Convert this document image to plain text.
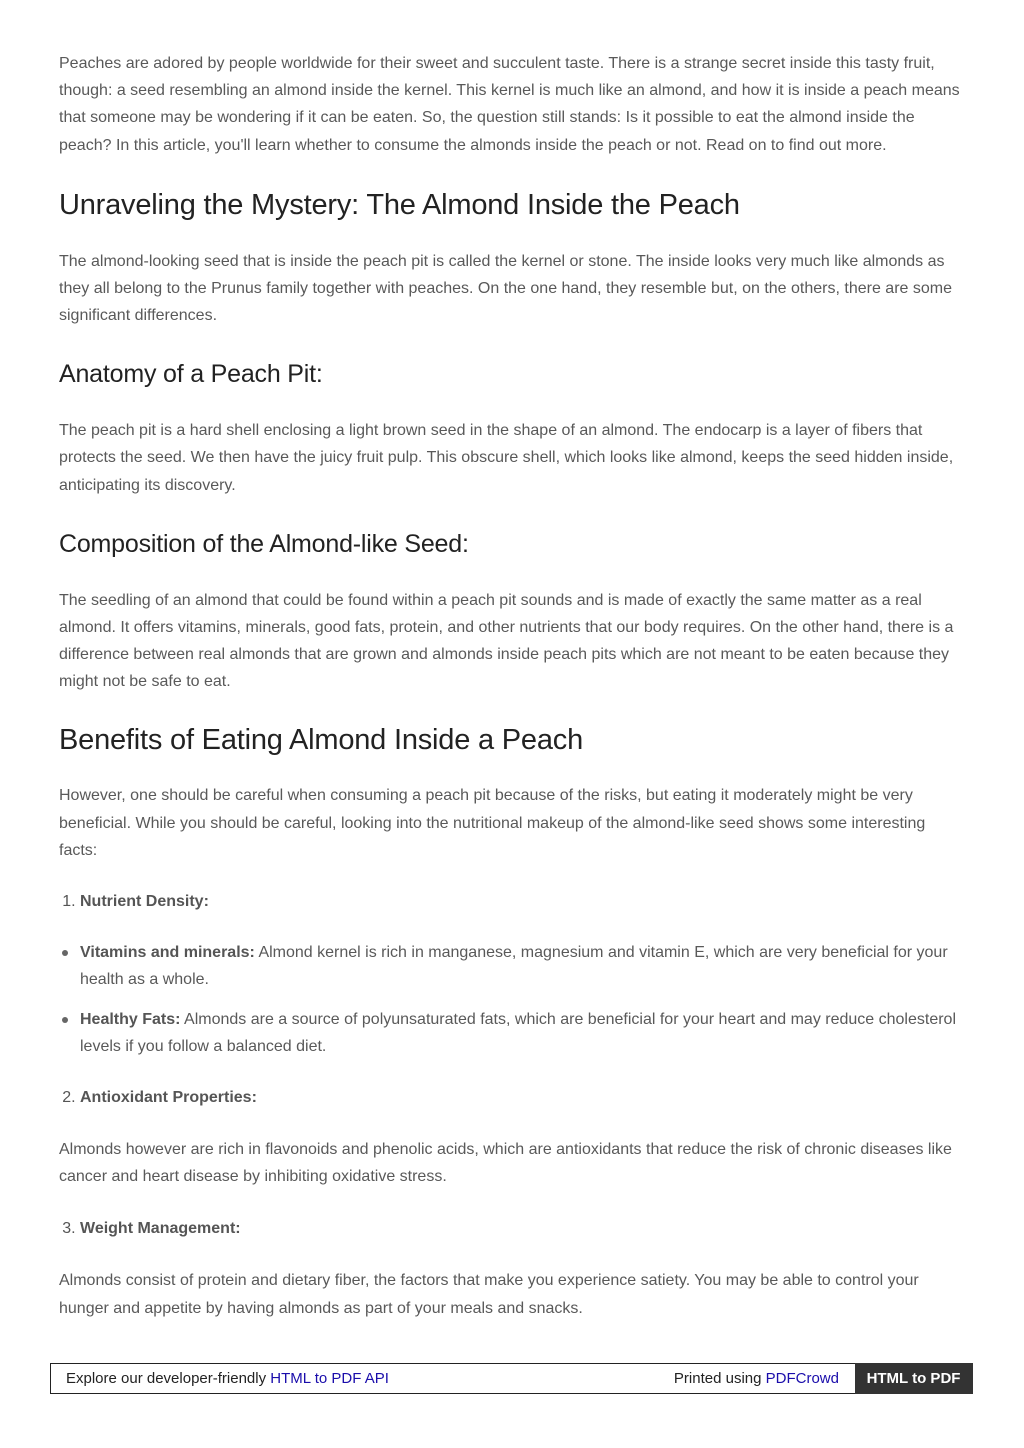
Peaches are adored by people worldwide for their sweet and succulent taste. There is a strange secret inside this tasty fruit, though: a seed resembling an almond inside the kernel. This kernel is much like an almond, and how it is inside a peach means that someone may be wondering if it can be eaten. So, the question still stands: Is it possible to eat the almond inside the peach? In this article, you'll learn whether to consume the almonds inside the peach or not. Read on to find out more.

Unraveling the Mystery: The Almond Inside the Peach

The almond-looking seed that is inside the peach pit is called the kernel or stone. The inside looks very much like almonds as they all belong to the Prunus family together with peaches. On the one hand, they resemble but, on the others, there are some significant differences.

Anatomy of a Peach Pit:

The peach pit is a hard shell enclosing a light brown seed in the shape of an almond. The endocarp is a layer of fibers that protects the seed. We then have the juicy fruit pulp. This obscure shell, which looks like almond, keeps the seed hidden inside, anticipating its discovery.

Composition of the Almond-like Seed:

The seedling of an almond that could be found within a peach pit sounds and is made of exactly the same matter as a real almond. It offers vitamins, minerals, good fats, protein, and other nutrients that our body requires. On the other hand, there is a difference between real almonds that are grown and almonds inside peach pits which are not meant to be eaten because they might not be safe to eat.

Benefits of Eating Almond Inside a Peach

However, one should be careful when consuming a peach pit because of the risks, but eating it moderately might be very beneficial. While you should be careful, looking into the nutritional makeup of the almond-like seed shows some interesting facts:

1. Nutrient Density:
Vitamins and minerals: Almond kernel is rich in manganese, magnesium and vitamin E, which are very beneficial for your health as a whole.
Healthy Fats: Almonds are a source of polyunsaturated fats, which are beneficial for your heart and may reduce cholesterol levels if you follow a balanced diet.
2. Antioxidant Properties:

Almonds however are rich in flavonoids and phenolic acids, which are antioxidants that reduce the risk of chronic diseases like cancer and heart disease by inhibiting oxidative stress.

3. Weight Management:

Almonds consist of protein and dietary fiber, the factors that make you experience satiety. You may be able to control your hunger and appetite by having almonds as part of your meals and snacks.

Explore our developer-friendly HTML to PDF API	Printed using PDFCrowd	HTML to PDF
